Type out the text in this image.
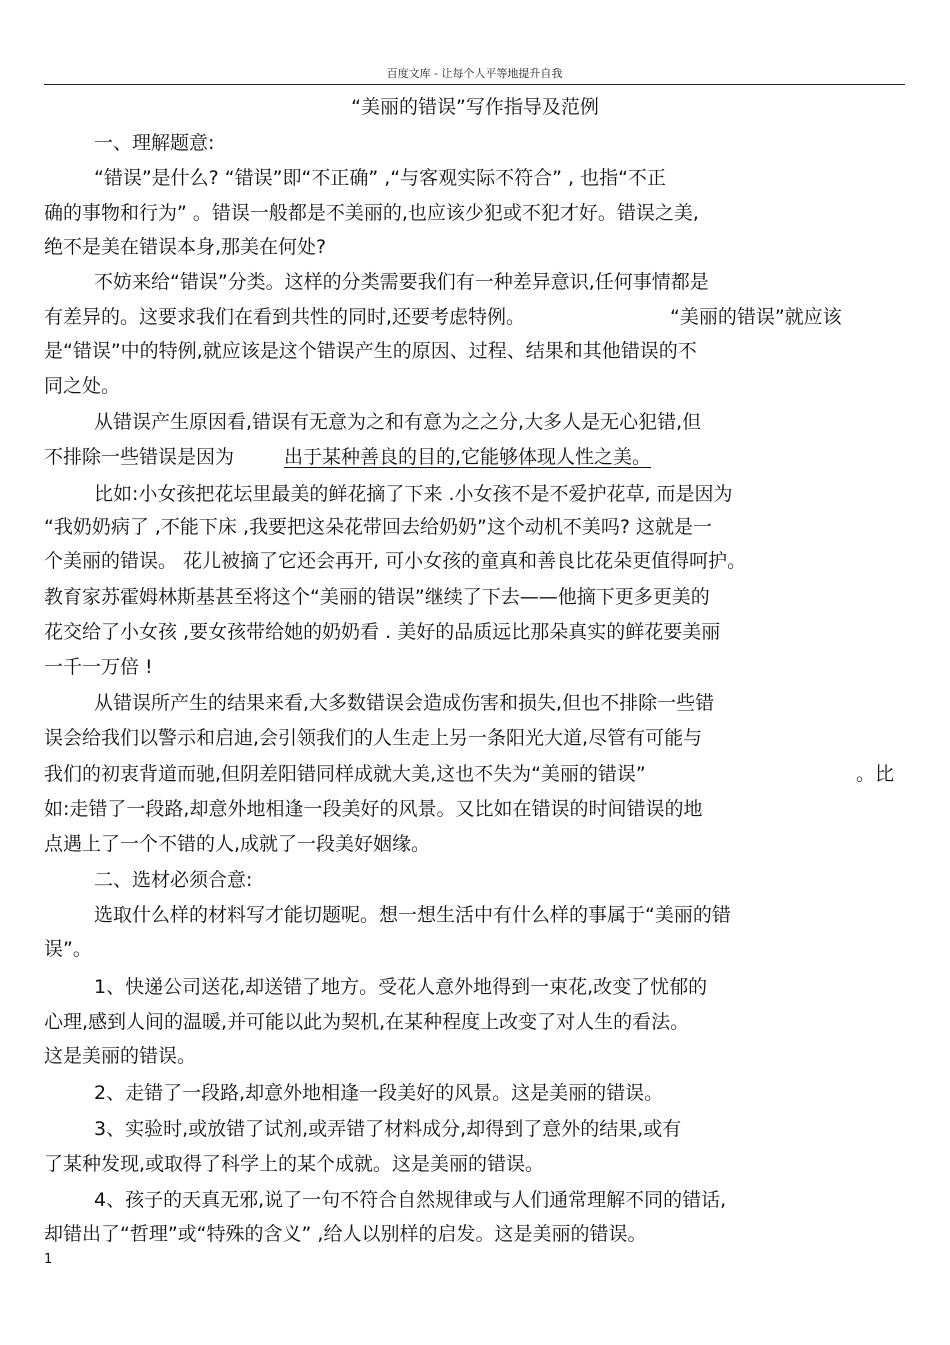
百度文库 - 让每个人平等地提升自我
“美丽的错误”写作指导及范例
一、理解题意:
“错误”是什么? “错误”即“不正确” ,“与客观实际不符合” , 也指“不正
确的事物和行为” 。错误一般都是不美丽的,也应该少犯或不犯才好。错误之美,
绝不是美在错误本身,那美在何处?
不妨来给“错误”分类。这样的分类需要我们有一种差异意识,任何事情都是
有差异的。这要求我们在看到共性的同时,还要考虑特例。	“美丽的错误”就应该
是“错误”中的特例,就应该是这个错误产生的原因、过程、结果和其他错误的不
同之处。
从错误产生原因看,错误有无意为之和有意为之之分,大多人是无心犯错,但
不排除一些错误是因为	出于某种善良的目的,它能够体现人性之美。
比如:小女孩把花坛里最美的鲜花摘了下来 .小女孩不是不爱护花草, 而是因为
“我奶奶病了 ,不能下床 ,我要把这朵花带回去给奶奶”这个动机不美吗? 这就是一
个美丽的错误。 花儿被摘了它还会再开, 可小女孩的童真和善良比花朵更值得呵护。
教育家苏霍姆林斯基甚至将这个“美丽的错误”继续了下去——他摘下更多更美的
花交给了小女孩 ,要女孩带给她的奶奶看 . 美好的品质远比那朵真实的鲜花要美丽
一千一万倍 !
从错误所产生的结果来看,大多数错误会造成伤害和损失,但也不排除一些错
误会给我们以警示和启迪,会引领我们的人生走上另一条阳光大道,尽管有可能与
我们的初衷背道而驰,但阴差阳错同样成就大美,这也不失为“美丽的错误”	。比
如:走错了一段路,却意外地相逢一段美好的风景。又比如在错误的时间错误的地
点遇上了一个不错的人,成就了一段美好姻缘。
二、选材必须合意:
选取什么样的材料写才能切题呢。想一想生活中有什么样的事属于“美丽的错
误”。
1、快递公司送花,却送错了地方。受花人意外地得到一束花,改变了忧郁的
心理,感到人间的温暖,并可能以此为契机,在某种程度上改变了对人生的看法。
这是美丽的错误。
2、走错了一段路,却意外地相逢一段美好的风景。这是美丽的错误。
3、实验时,或放错了试剂,或弄错了材料成分,却得到了意外的结果,或有
了某种发现,或取得了科学上的某个成就。这是美丽的错误。
4、孩子的天真无邪,说了一句不符合自然规律或与人们通常理解不同的错话,
却错出了“哲理”或“特殊的含义” ,给人以别样的启发。这是美丽的错误。
1
